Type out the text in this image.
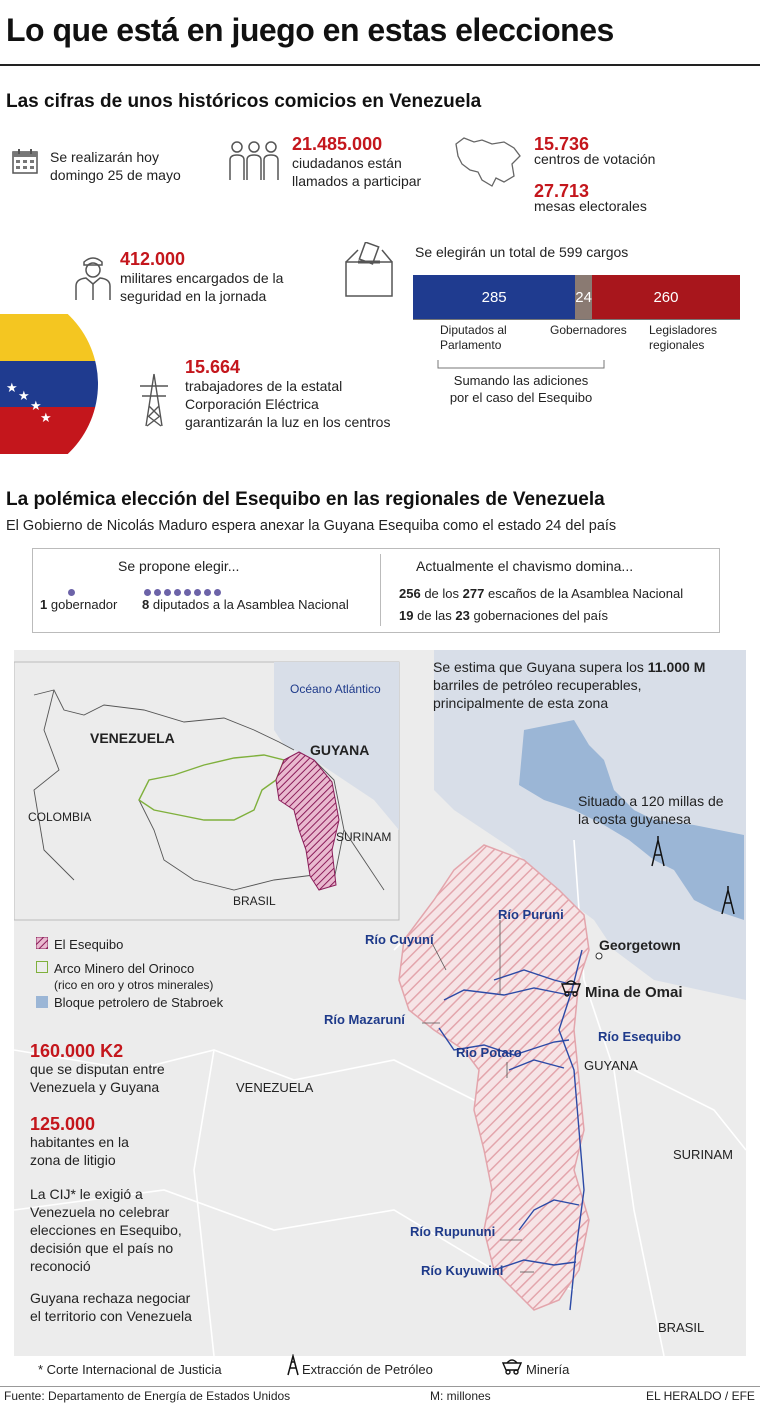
Lo que está en juego en estas elecciones
Las cifras de unos históricos comicios en Venezuela
Se realizarán hoy
domingo 25 de mayo
21.485.000
ciudadanos están
llamados a participar
15.736
centros de votación
27.713
mesas electorales
412.000
militares encargados de la
seguridad en la jornada
Se elegirán un total de 599 cargos
285	24	260
Diputados al
Parlamento
Gobernadores Legisladores
regionales
Sumando las adiciones
por el caso del Esequibo
★
★
★
★
15.664
trabajadores de la estatal
Corporación Eléctrica
garantizarán la luz en los centros
La polémica elección del Esequibo en las regionales de Venezuela
El Gobierno de Nicolás Maduro espera anexar la Guyana Esequiba como el estado 24 del país
Se propone elegir...
1 gobernador 8 diputados a la Asamblea Nacional
Actualmente el chavismo domina...
256 de los 277 escaños de la Asamblea Nacional
19 de las 23 gobernaciones del país
Océano Atlántico
VENEZUELA
GUYANA
COLOMBIA
SURINAM
BRASIL
Se estima que Guyana supera los 11.000 M
barriles de petróleo recuperables,
principalmente de esta zona
Situado a 120 millas de
la costa guyanesa
El Esequibo
Arco Minero del Orinoco
(rico en oro y otros minerales)
Bloque petrolero de Stabroek
Georgetown
Mina de Omai
Río Puruni
Río Cuyuní
Río Mazaruní
Río Potaro
Río Esequibo
Río Rupununi
Río Kuyuwini
GUYANA
VENEZUELA
SURINAM
BRASIL
160.000 K2
que se disputan entre
Venezuela y Guyana
125.000
habitantes en la
zona de litigio
La CIJ* le exigió a
Venezuela no celebrar
elecciones en Esequibo,
decisión que el país no
reconoció
Guyana rechaza negociar
el territorio con Venezuela
* Corte Internacional de Justicia	Extracción de Petróleo	Minería
Fuente: Departamento de Energía de Estados Unidos	M: millones	EL HERALDO / EFE
